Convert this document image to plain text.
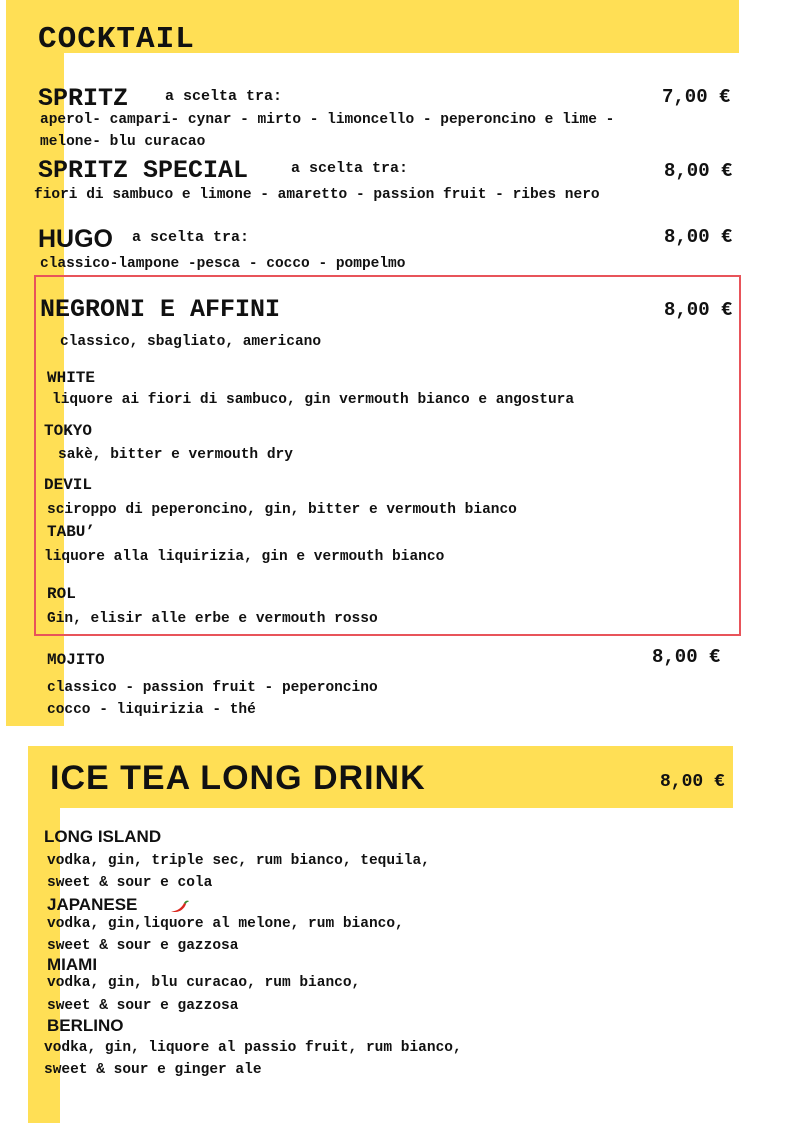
COCKTAIL
SPRITZ a scelta tra:	7,00 €
aperol- campari- cynar - mirto - limoncello - peperoncino e lime -
melone- blu curacao
SPRITZ SPECIAL	a scelta tra:	8,00 €
fiori di sambuco e limone - amaretto - passion fruit - ribes nero
HUGO a scelta tra:	8,00 €
classico-lampone -pesca - cocco - pompelmo
NEGRONI E AFFINI	8,00 €
classico, sbagliato, americano
WHITE
liquore ai fiori di sambuco, gin vermouth bianco e angostura
TOKYO
sakè, bitter e vermouth dry
DEVIL
sciroppo di peperoncino, gin, bitter e vermouth bianco
TABU’
liquore alla liquirizia, gin e vermouth bianco
ROL
Gin, elisir alle erbe e vermouth rosso
MOJITO	8,00 €
classico - passion fruit - peperoncino
cocco - liquirizia - thé
ICE TEA LONG DRINK	8,00 €
LONG ISLAND
vodka, gin, triple sec, rum bianco, tequila,
sweet & sour e cola
JAPANESE
vodka, gin,liquore al melone, rum bianco,
sweet & sour e gazzosa
MIAMI
vodka, gin, blu curacao, rum bianco,
sweet & sour e gazzosa
BERLINO
vodka, gin, liquore al passio fruit, rum bianco,
sweet & sour e ginger ale
